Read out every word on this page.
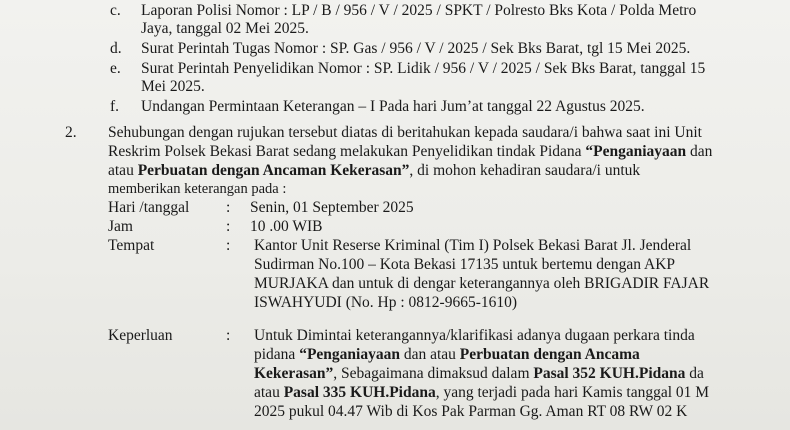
c. Laporan Polisi Nomor : LP / B / 956 / V / 2025 / SPKT / Polresto Bks Kota / Polda Metro
Jaya, tanggal 02 Mei 2025.
d. Surat Perintah Tugas Nomor : SP. Gas / 956 / V / 2025 / Sek Bks Barat, tgl 15 Mei 2025.
e. Surat Perintah Penyelidikan Nomor : SP. Lidik / 956 / V / 2025 / Sek Bks Barat, tanggal 15
Mei 2025.
f. Undangan Permintaan Keterangan – I Pada hari Jum’at tanggal 22 Agustus 2025.
2. Sehubungan dengan rujukan tersebut diatas di beritahukan kepada saudara/i bahwa saat ini Unit
Reskrim Polsek Bekasi Barat sedang melakukan Penyelidikan tindak Pidana “Penganiayaan dan
atau Perbuatan dengan Ancaman Kekerasan”, di mohon kehadiran saudara/i untuk
memberikan keterangan pada :
Hari /tanggal : Senin, 01 September 2025
Jam	: 10 .00 WIB
Tempat	: Kantor Unit Reserse Kriminal (Tim I) Polsek Bekasi Barat Jl. Jenderal
Sudirman No.100 – Kota Bekasi 17135 untuk bertemu dengan AKP
MURJAKA dan untuk di dengar keterangannya oleh BRIGADIR FAJAR
ISWAHYUDI (No. Hp : 0812-9665-1610)
Keperluan	: Untuk Dimintai keterangannya/klarifikasi adanya dugaan perkara tinda
pidana “Penganiayaan dan atau Perbuatan dengan Ancama
Kekerasan”, Sebagaimana dimaksud dalam Pasal 352 KUH.Pidana da
atau Pasal 335 KUH.Pidana, yang terjadi pada hari Kamis tanggal 01 M
2025 pukul 04.47 Wib di Kos Pak Parman Gg. Aman RT 08 RW 02 K
